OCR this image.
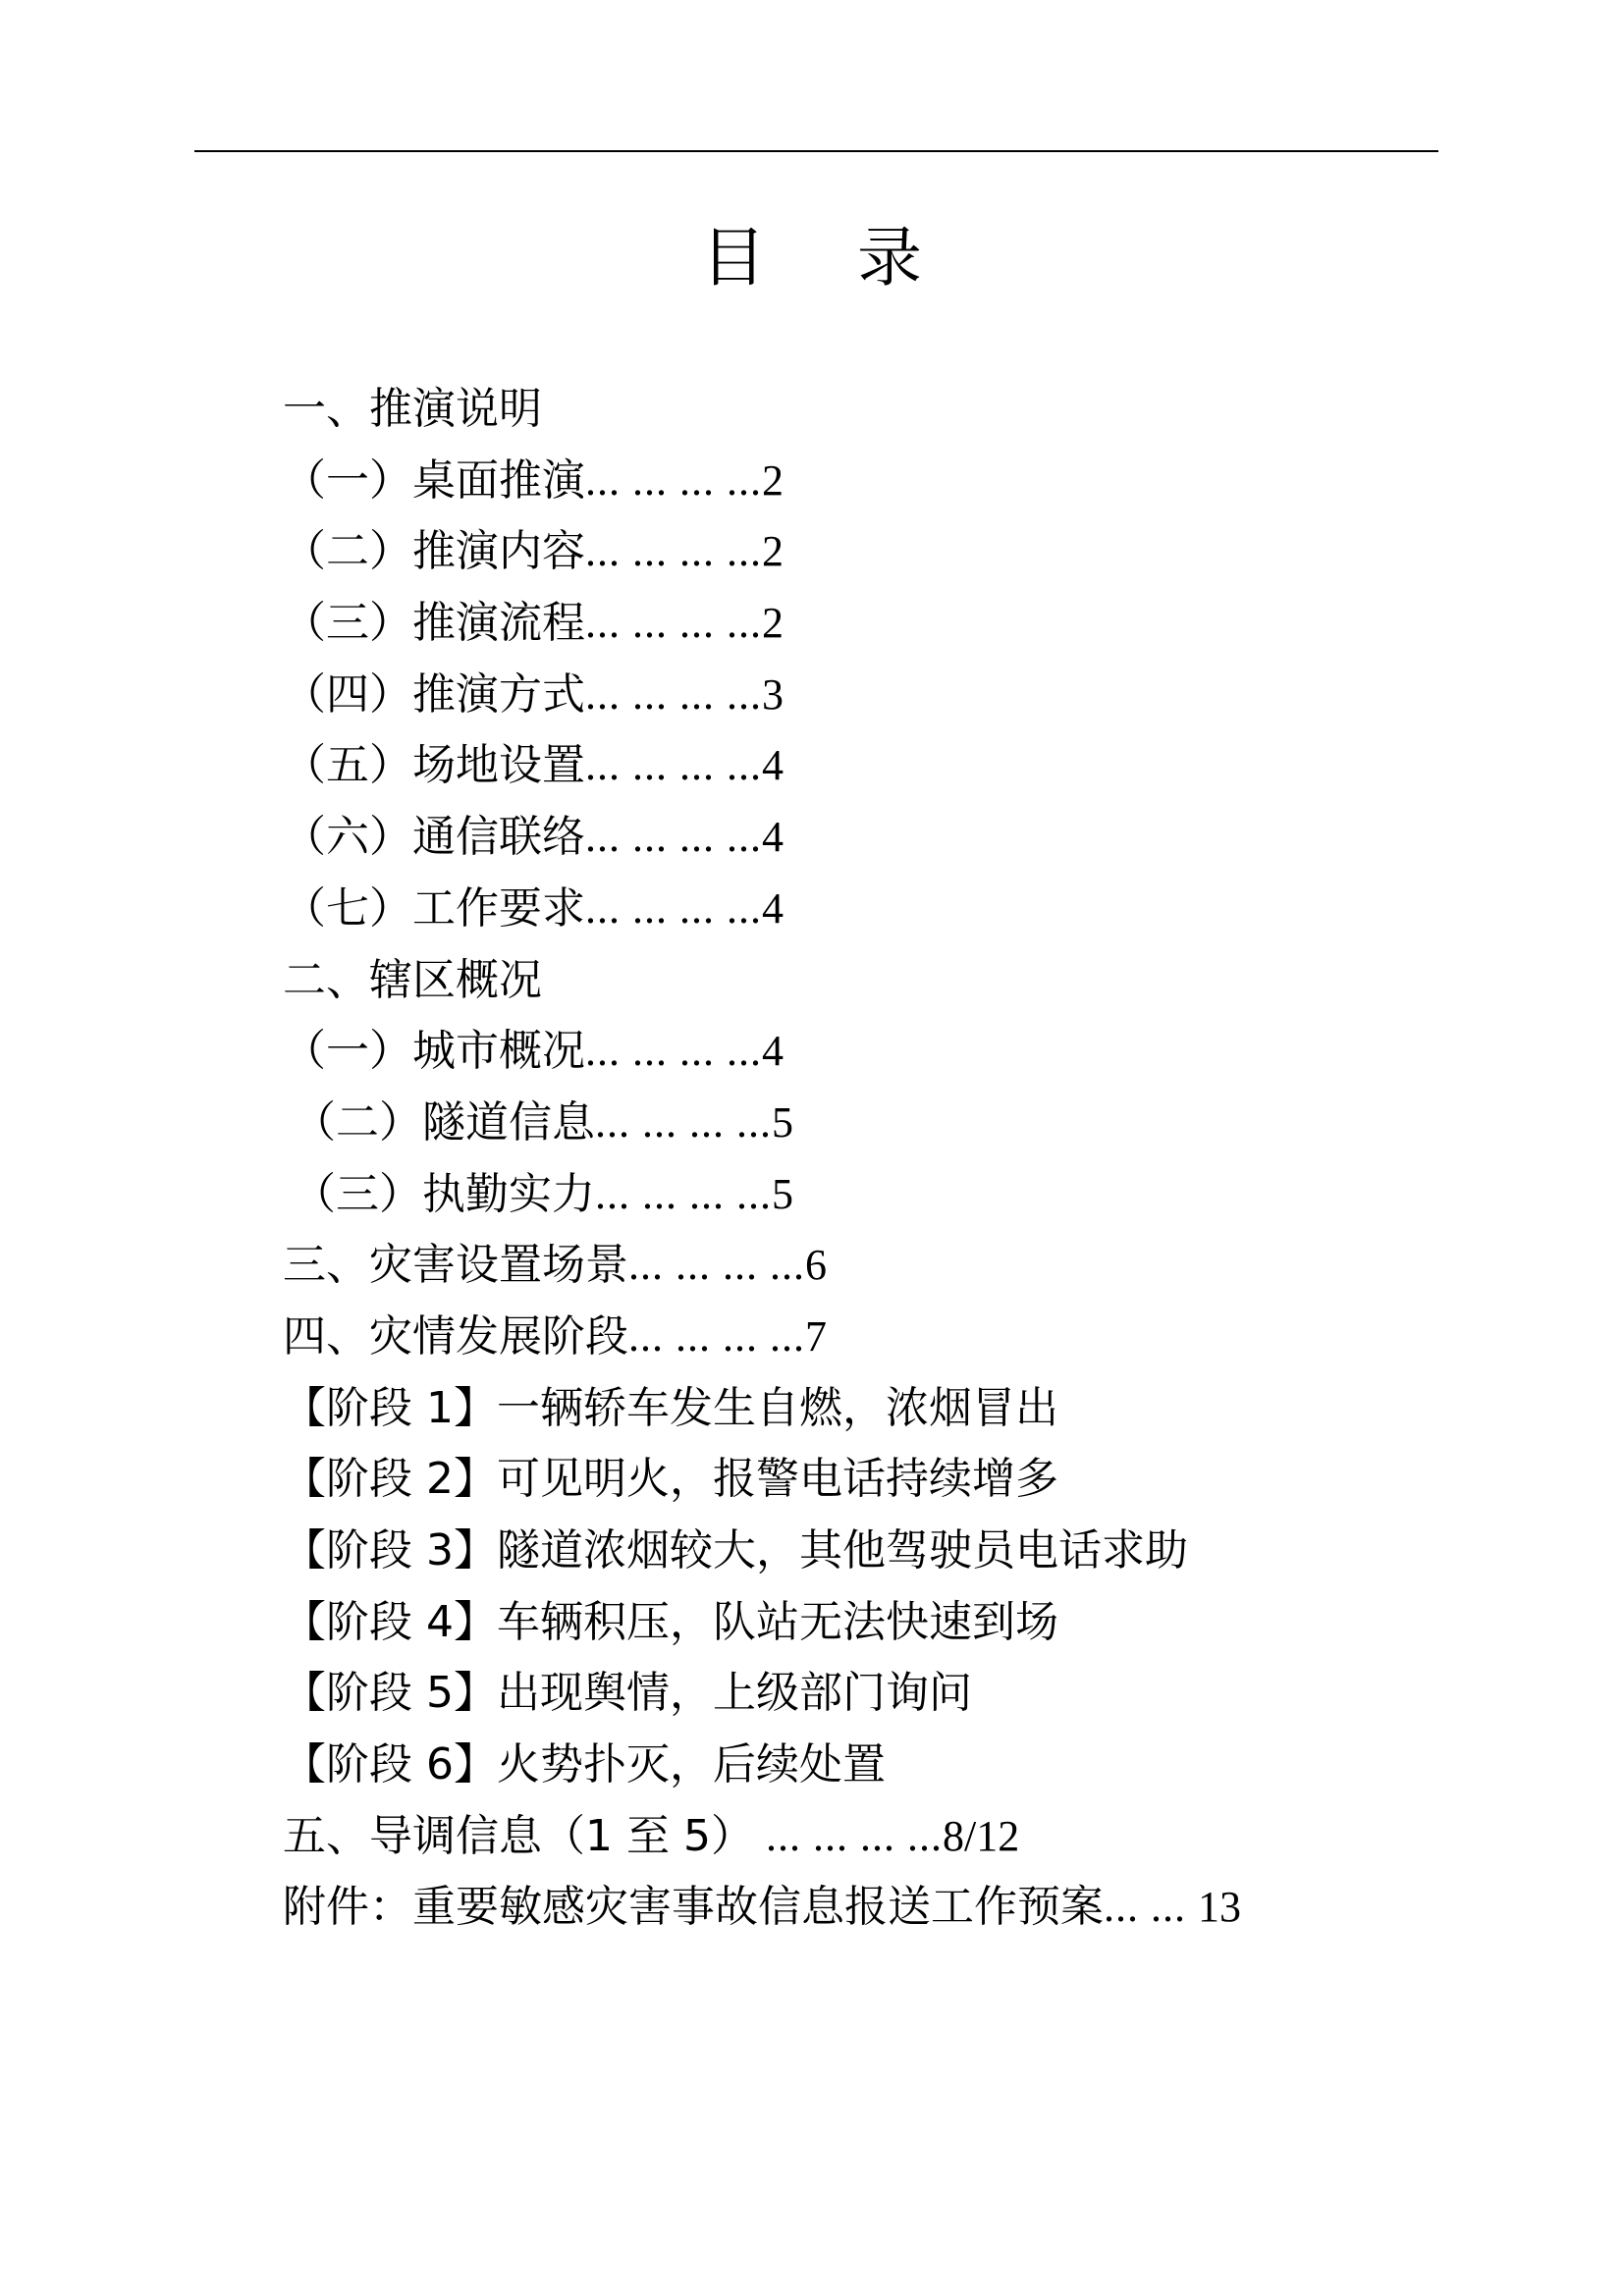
目 录
一、推演说明
（一）桌面推演... ... ... ...2
（二）推演内容... ... ... ...2
（三）推演流程... ... ... ...2
（四）推演方式... ... ... ...3
（五）场地设置... ... ... ...4
（六）通信联络... ... ... ...4
（七）工作要求... ... ... ...4
二、辖区概况
（一）城市概况... ... ... ...4
（二）隧道信息... ... ... ...5
（三）执勤实力... ... ... ...5
三、灾害设置场景... ... ... ...6
四、灾情发展阶段... ... ... ...7
【阶段 1】一辆轿车发生自燃，浓烟冒出
【阶段 2】可见明火，报警电话持续增多
【阶段 3】隧道浓烟较大，其他驾驶员电话求助
【阶段 4】车辆积压，队站无法快速到场
【阶段 5】出现舆情，上级部门询问
【阶段 6】火势扑灭，后续处置
五、导调信息（1 至 5） ... ... ... ...8/12
附件：重要敏感灾害事故信息报送工作预案... ... 13
